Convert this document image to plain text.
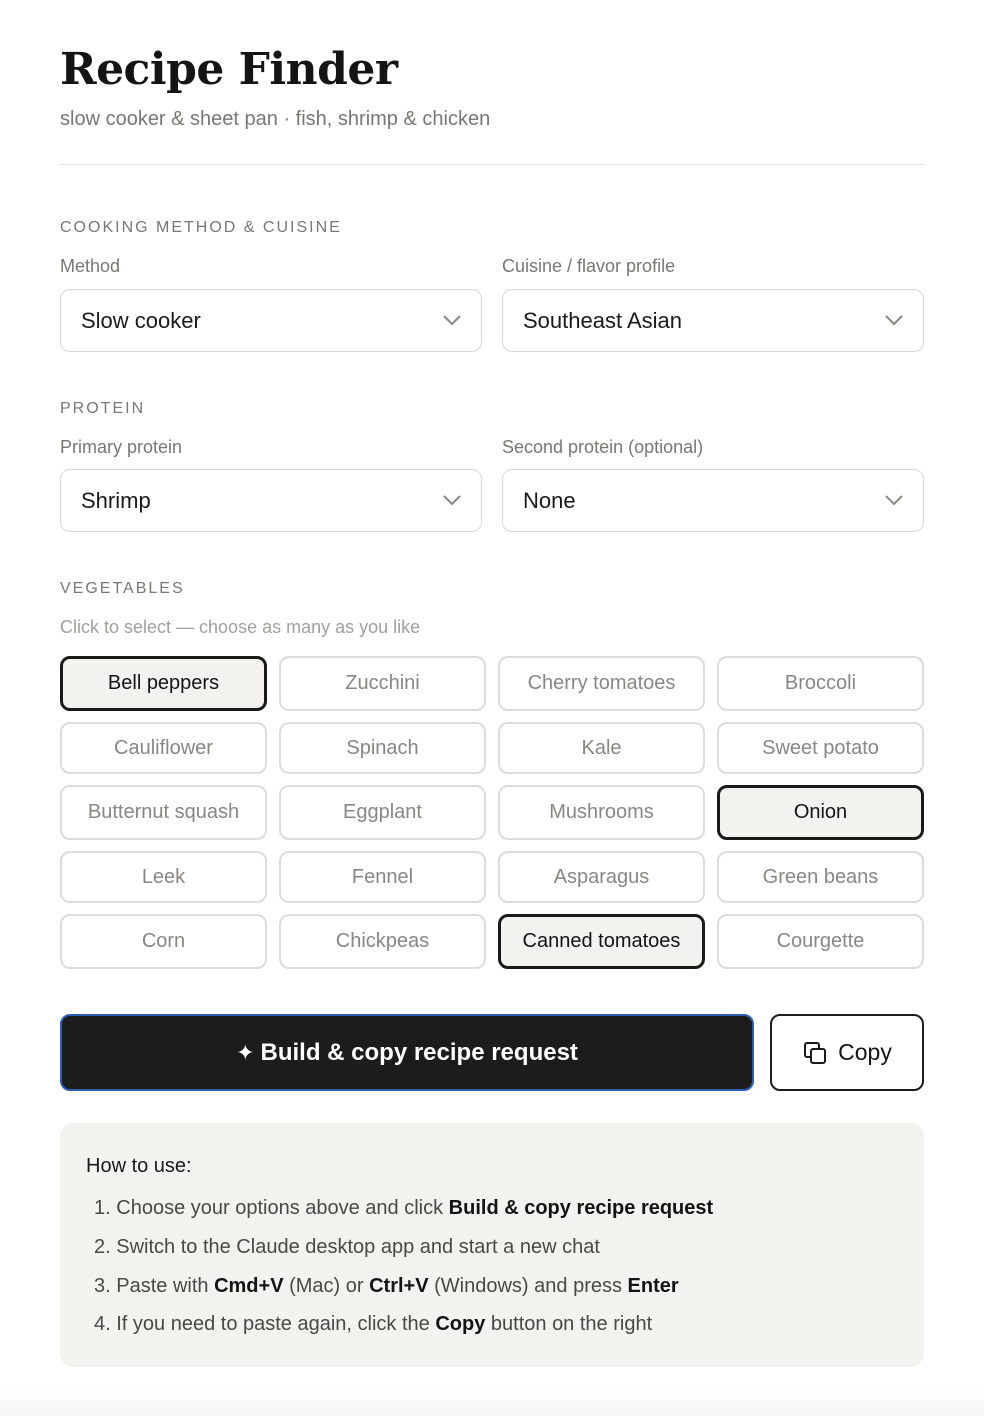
Recipe Finder
slow cooker & sheet pan · fish, shrimp & chicken
COOKING METHOD & CUISINE
Method
Slow cooker
Cuisine / flavor profile
Southeast Asian
PROTEIN
Primary protein
Shrimp
Second protein (optional)
None
VEGETABLES
Click to select — choose as many as you like
Bell peppers	Zucchini	Cherry tomatoes	Broccoli
Cauliflower	Spinach	Kale	Sweet potato
Butternut squash	Eggplant	Mushrooms	Onion
Leek	Fennel	Asparagus	Green beans
Corn	Chickpeas	Canned tomatoes	Courgette
✦ Build & copy recipe request	Copy
How to use:
1. Choose your options above and click Build & copy recipe request
2. Switch to the Claude desktop app and start a new chat
3. Paste with Cmd+V (Mac) or Ctrl+V (Windows) and press Enter
4. If you need to paste again, click the Copy button on the right
